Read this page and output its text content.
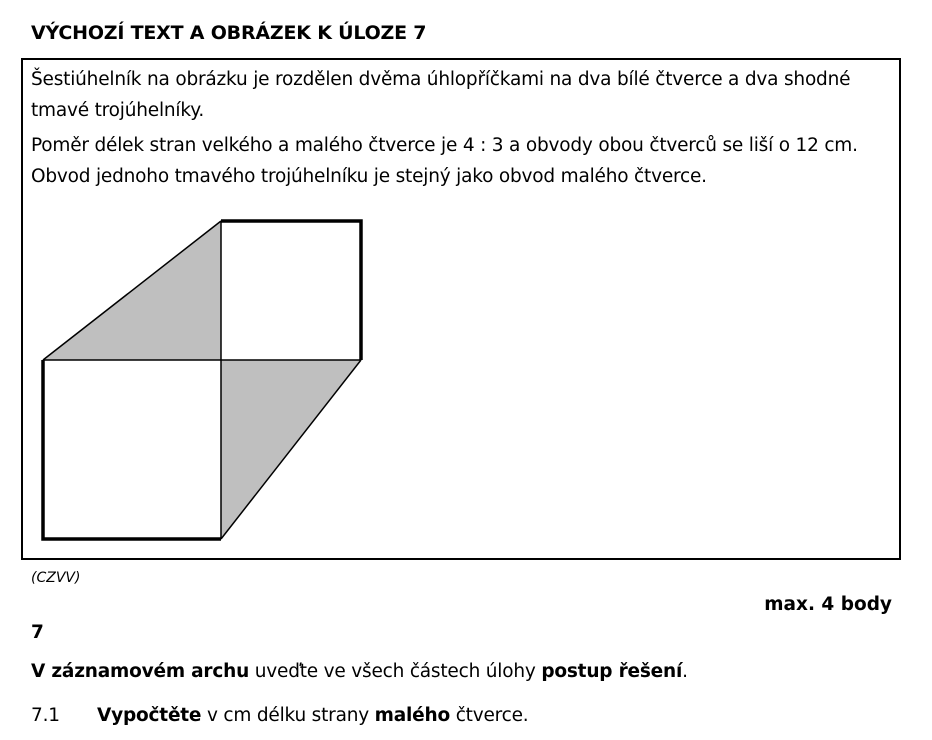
VÝCHOZÍ TEXT A OBRÁZEK K ÚLOZE 7
Šestiúhelník na obrázku je rozdělen dvěma úhlopříčkami na dva bílé čtverce a dva shodné tmavé trojúhelníky.
Poměr délek stran velkého a malého čtverce je 4 : 3 a obvody obou čtverců se liší o 12 cm.
Obvod jednoho tmavého trojúhelníku je stejný jako obvod malého čtverce.
(CZVV)
max. 4 body
7
V záznamovém archu uveďte ve všech částech úlohy postup řešení.
7.1 Vypočtěte v cm délku strany malého čtverce.
